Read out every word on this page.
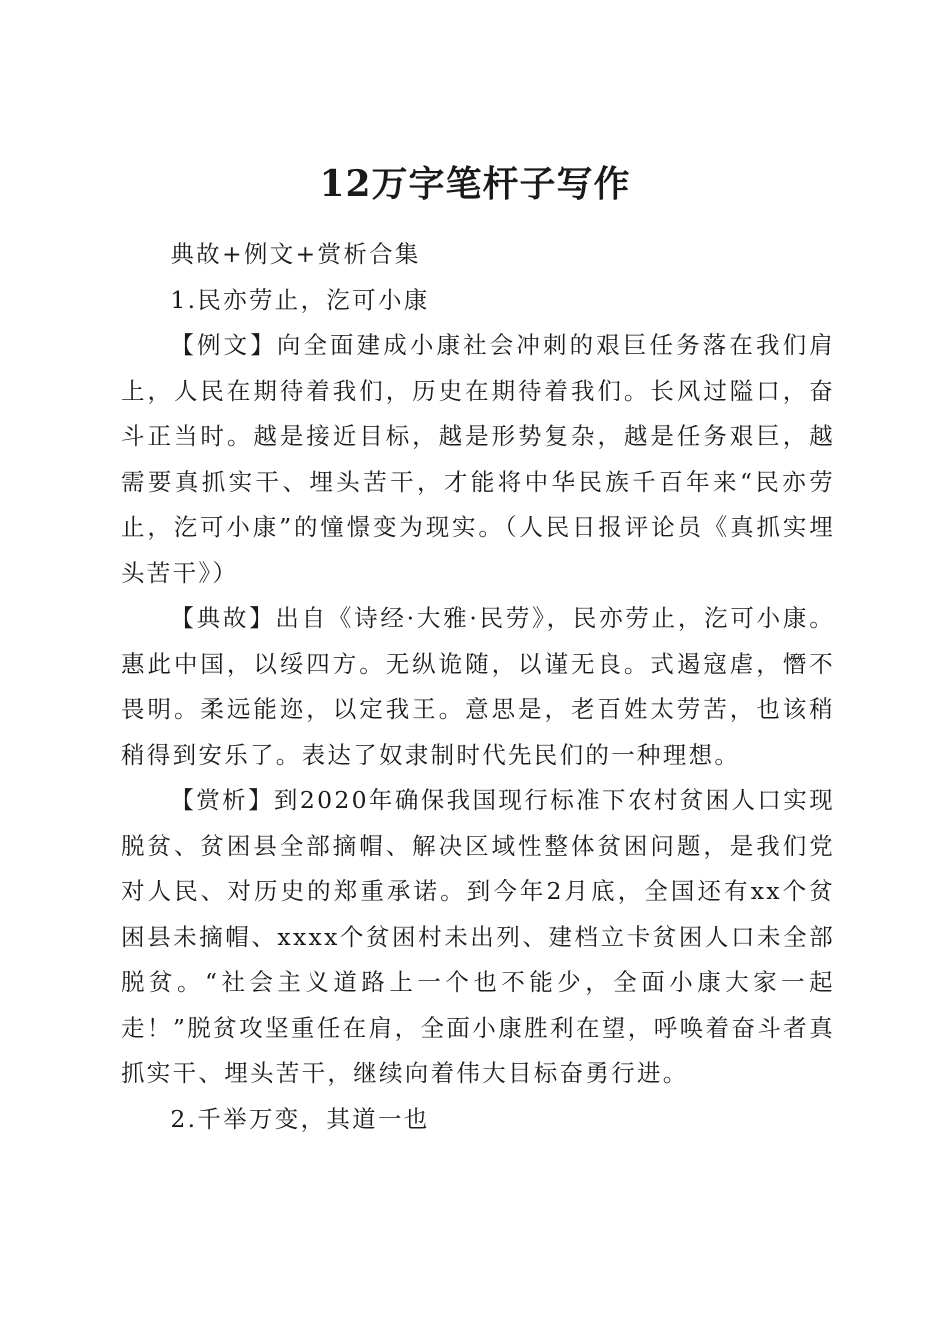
12万字笔杆子写作

典故+例文+赏析合集

1.民亦劳止，汔可小康

【例文】向全面建成小康社会冲刺的艰巨任务落在我们肩上，人民在期待着我们，历史在期待着我们。长风过隘口，奋斗正当时。越是接近目标，越是形势复杂，越是任务艰巨，越需要真抓实干、埋头苦干，才能将中华民族千百年来“民亦劳止，汔可小康”的憧憬变为现实。（人民日报评论员《真抓实埋头苦干》）

【典故】出自《诗经·大雅·民劳》，民亦劳止，汔可小康。惠此中国，以绥四方。无纵诡随，以谨无良。式遏寇虐，憯不畏明。柔远能迩，以定我王。意思是，老百姓太劳苦，也该稍稍得到安乐了。表达了奴隶制时代先民们的一种理想。

【赏析】到2020年确保我国现行标准下农村贫困人口实现脱贫、贫困县全部摘帽、解决区域性整体贫困问题，是我们党对人民、对历史的郑重承诺。到今年2月底，全国还有xx个贫困县未摘帽、xxxx个贫困村未出列、建档立卡贫困人口未全部脱贫。“社会主义道路上一个也不能少，全面小康大家一起走！”脱贫攻坚重任在肩，全面小康胜利在望，呼唤着奋斗者真抓实干、埋头苦干，继续向着伟大目标奋勇行进。

2.千举万变，其道一也
